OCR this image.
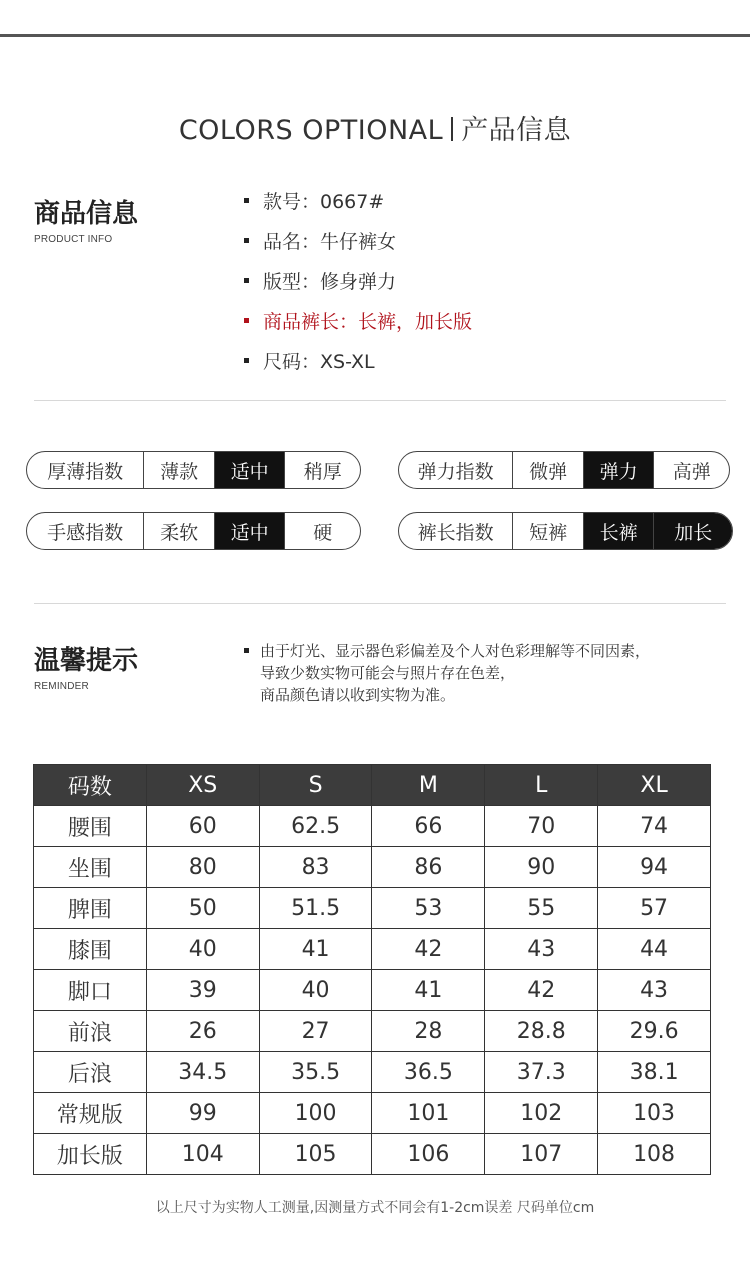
COLORS OPTIONAL 产品信息
商品信息
PRODUCT INFO
款号：0667#
品名：牛仔裤女
版型：修身弹力
商品裤长：长裤，加长版
尺码：XS-XL
厚薄指数	薄款	适中	稍厚	弹力指数	微弹	弹力	高弹
手感指数	柔软	适中	硬	裤长指数	短裤	长裤	加长
温馨提示
REMINDER

由于灯光、显示器色彩偏差及个人对色彩理解等不同因素，

导致少数实物可能会与照片存在色差，

商品颜色请以收到实物为准。

码数	XS	S	M	L	XL
腰围	60	62.5	66	70	74
坐围	80	83	86	90	94
脾围	50	51.5	53	55	57
膝围	40	41	42	43	44
脚口	39	40	41	42	43
前浪	26	27	28	28.8	29.6
后浪	34.5	35.5	36.5	37.3	38.1
常规版	99	100	101	102	103
加长版	104	105	106	107	108
以上尺寸为实物人工测量,因测量方式不同会有1-2cm误差 尺码单位cm
